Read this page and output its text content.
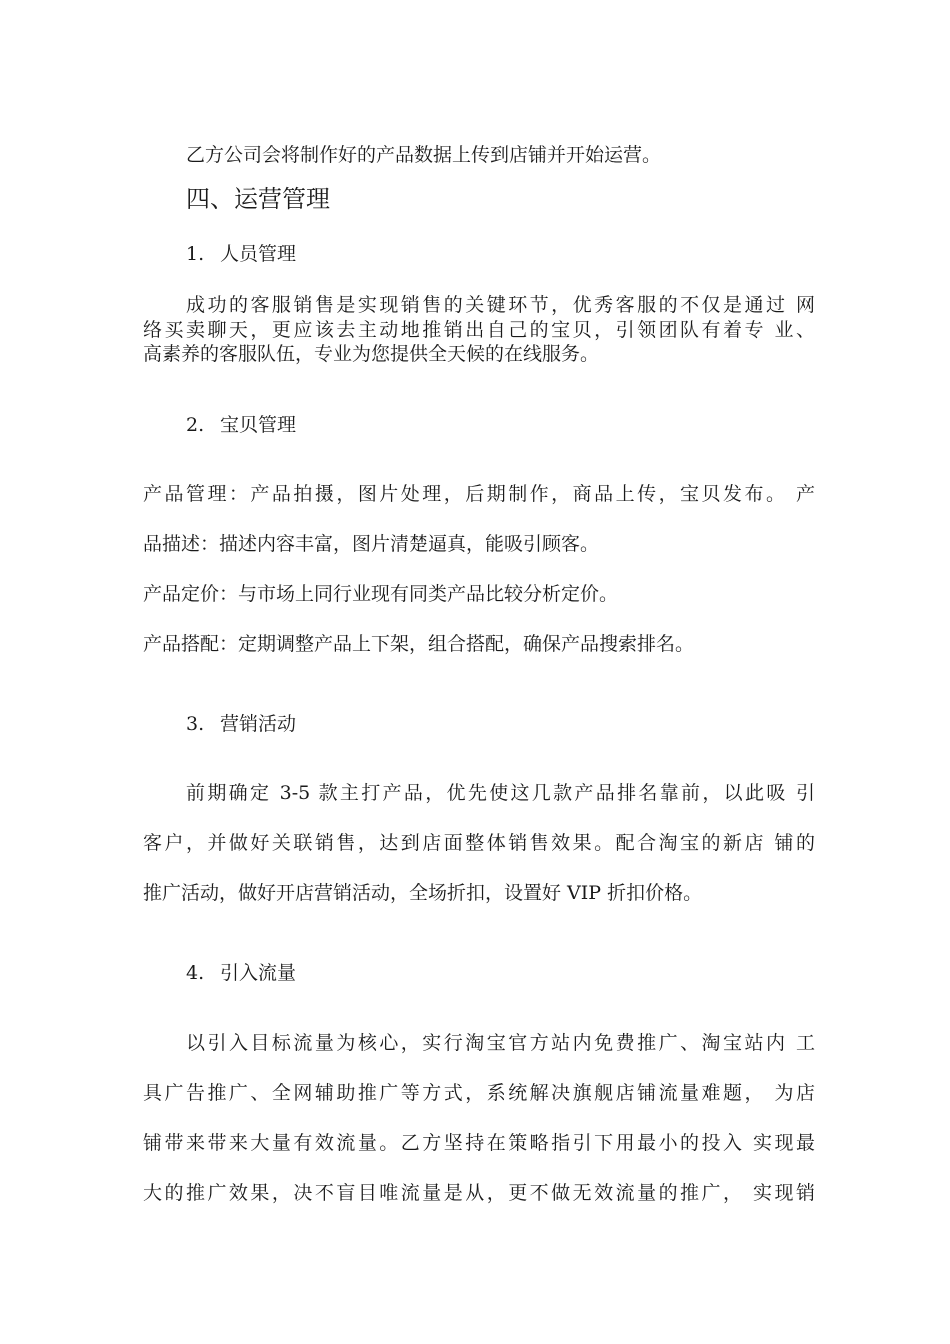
乙方公司会将制作好的产品数据上传到店铺并开始运营。
四、运营管理
1. 人员管理
成功的客服销售是实现销售的关键环节，优秀客服的不仅是通过 网
络买卖聊天，更应该去主动地推销出自己的宝贝，引领团队有着专 业、
高素养的客服队伍，专业为您提供全天候的在线服务。
2. 宝贝管理
产品管理：产品拍摄，图片处理，后期制作，商品上传，宝贝发布。 产
品描述：描述内容丰富，图片清楚逼真，能吸引顾客。
产品定价：与市场上同行业现有同类产品比较分析定价。
产品搭配：定期调整产品上下架，组合搭配，确保产品搜索排名。
3. 营销活动
前期确定 3-5 款主打产品，优先使这几款产品排名靠前，以此吸 引
客户，并做好关联销售，达到店面整体销售效果。配合淘宝的新店 铺的
推广活动，做好开店营销活动，全场折扣，设置好 VIP 折扣价格。
4. 引入流量
以引入目标流量为核心，实行淘宝官方站内免费推广、淘宝站内 工
具广告推广、全网辅助推广等方式，系统解决旗舰店铺流量难题， 为店
铺带来带来大量有效流量。乙方坚持在策略指引下用最小的投入 实现最
大的推广效果，决不盲目唯流量是从，更不做无效流量的推广， 实现销
